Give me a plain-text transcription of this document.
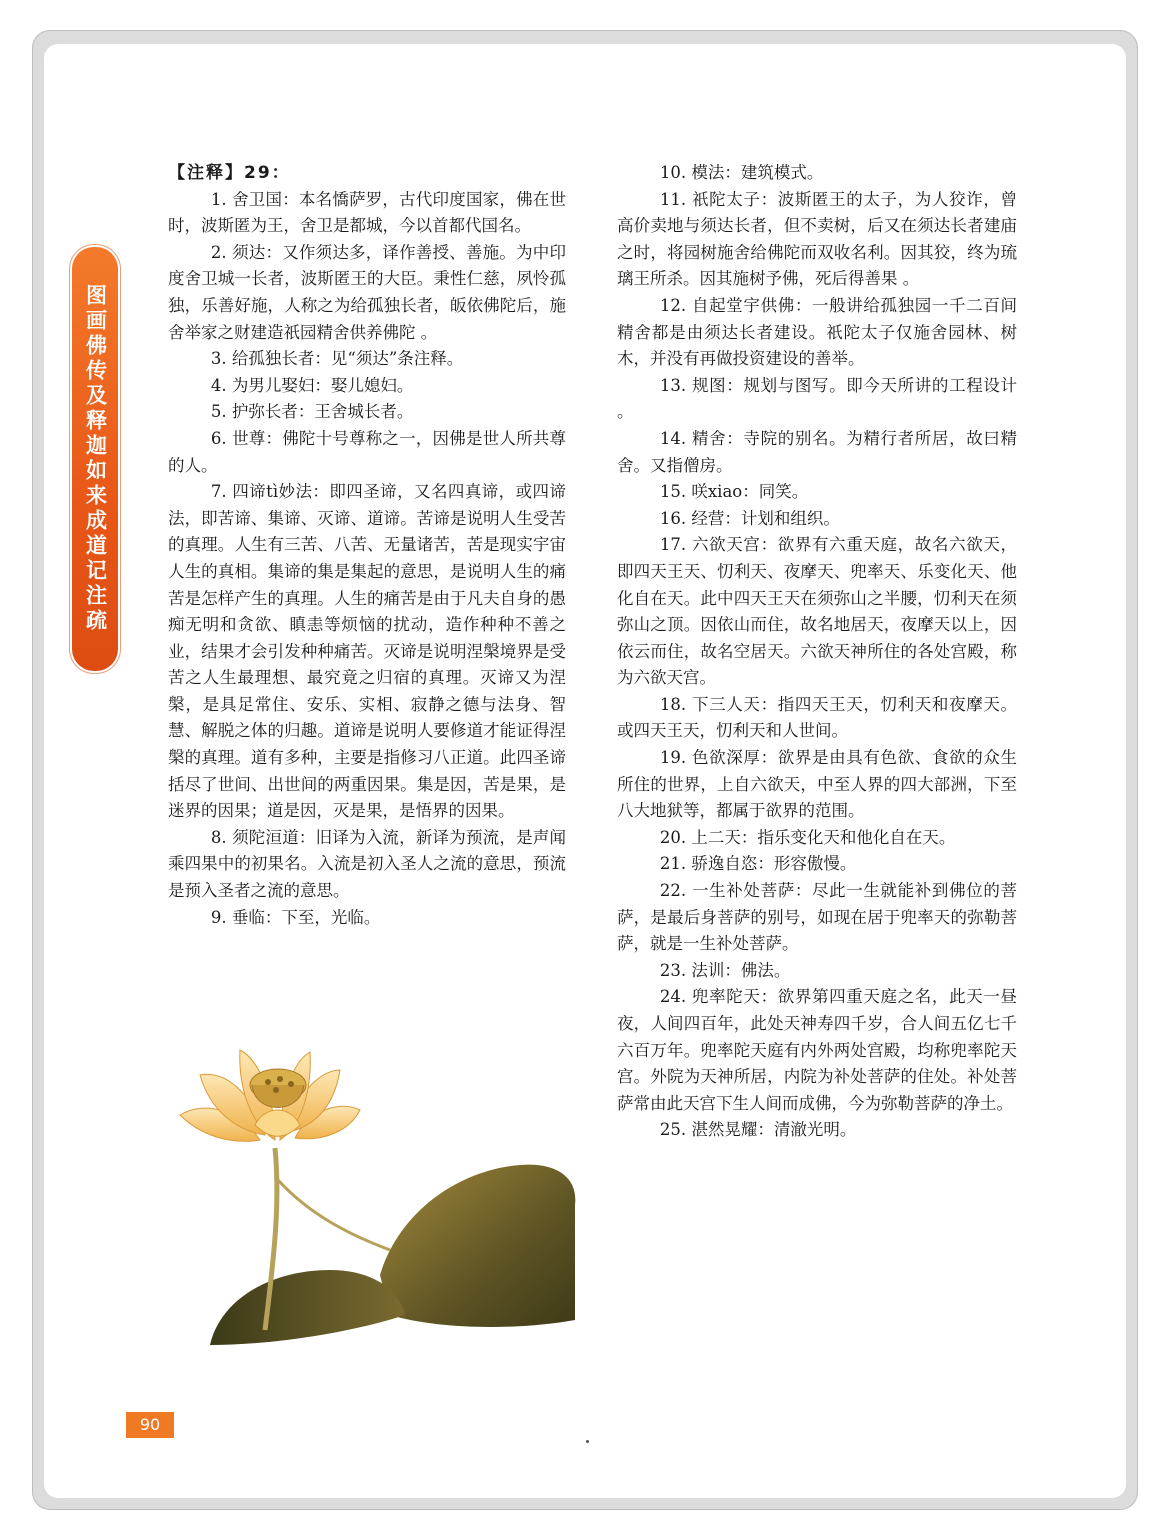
图画佛传及释迦如来成道记注疏

【注释】29：

1. 舍卫国：本名憍萨罗，古代印度国家，佛在世时，波斯匿为王，舍卫是都城，今以首都代国名。

2. 须达：又作须达多，译作善授、善施。为中印度舍卫城一长者，波斯匿王的大臣。秉性仁慈，夙怜孤独，乐善好施，人称之为给孤独长者，皈依佛陀后，施舍举家之财建造祇园精舍供养佛陀 。

3. 给孤独长者：见“须达”条注释。

4. 为男儿娶妇：娶儿媳妇。

5. 护弥长者：王舍城长者。

6. 世尊：佛陀十号尊称之一，因佛是世人所共尊的人。

7. 四谛tì妙法：即四圣谛，又名四真谛，或四谛法，即苦谛、集谛、灭谛、道谛。苦谛是说明人生受苦的真理。人生有三苦、八苦、无量诸苦，苦是现实宇宙人生的真相。集谛的集是集起的意思，是说明人生的痛苦是怎样产生的真理。人生的痛苦是由于凡夫自身的愚痴无明和贪欲、瞋恚等烦恼的扰动，造作种种不善之业，结果才会引发种种痛苦。灭谛是说明涅槃境界是受苦之人生最理想、最究竟之归宿的真理。灭谛又为涅槃，是具足常住、安乐、实相、寂静之德与法身、智慧、解脱之体的归趣。道谛是说明人要修道才能证得涅槃的真理。道有多种，主要是指修习八正道。此四圣谛括尽了世间、出世间的两重因果。集是因，苦是果，是迷界的因果；道是因，灭是果，是悟界的因果。

8. 须陀洹道：旧译为入流，新译为预流，是声闻乘四果中的初果名。入流是初入圣人之流的意思，预流是预入圣者之流的意思。

9. 垂临：下至，光临。

10. 模法：建筑模式。

11. 祇陀太子：波斯匿王的太子，为人狡诈，曾高价卖地与须达长者，但不卖树，后又在须达长者建庙之时，将园树施舍给佛陀而双收名利。因其狡，终为琉璃王所杀。因其施树予佛，死后得善果 。

12. 自起堂宇供佛：一般讲给孤独园一千二百间精舍都是由须达长者建设。祇陀太子仅施舍园林、树木，并没有再做投资建设的善举。

13. 规图：规划与图写。即今天所讲的工程设计 。

14. 精舍：寺院的别名。为精行者所居，故曰精舍。又指僧房。

15. 咲xiao：同笑。

16. 经营：计划和组织。

17. 六欲天宫：欲界有六重天庭，故名六欲天，即四天王天、忉利天、夜摩天、兜率天、乐变化天、他化自在天。此中四天王天在须弥山之半腰，忉利天在须弥山之顶。因依山而住，故名地居天，夜摩天以上，因依云而住，故名空居天。六欲天神所住的各处宫殿，称为六欲天宫。

18. 下三人天：指四天王天，忉利天和夜摩天。或四天王天，忉利天和人世间。

19. 色欲深厚：欲界是由具有色欲、食欲的众生所住的世界，上自六欲天，中至人界的四大部洲，下至八大地狱等，都属于欲界的范围。

20. 上二天：指乐变化天和他化自在天。

21. 骄逸自恣：形容傲慢。

22. 一生补处菩萨：尽此一生就能补到佛位的菩萨，是最后身菩萨的别号，如现在居于兜率天的弥勒菩萨，就是一生补处菩萨。

23. 法训：佛法。

24. 兜率陀天：欲界第四重天庭之名，此天一昼夜，人间四百年，此处天神寿四千岁，合人间五亿七千六百万年。兜率陀天庭有内外两处宫殿，均称兜率陀天宫。外院为天神所居，内院为补处菩萨的住处。补处菩萨常由此天宫下生人间而成佛，今为弥勒菩萨的净土。

25. 湛然晃耀：清澈光明。

90
